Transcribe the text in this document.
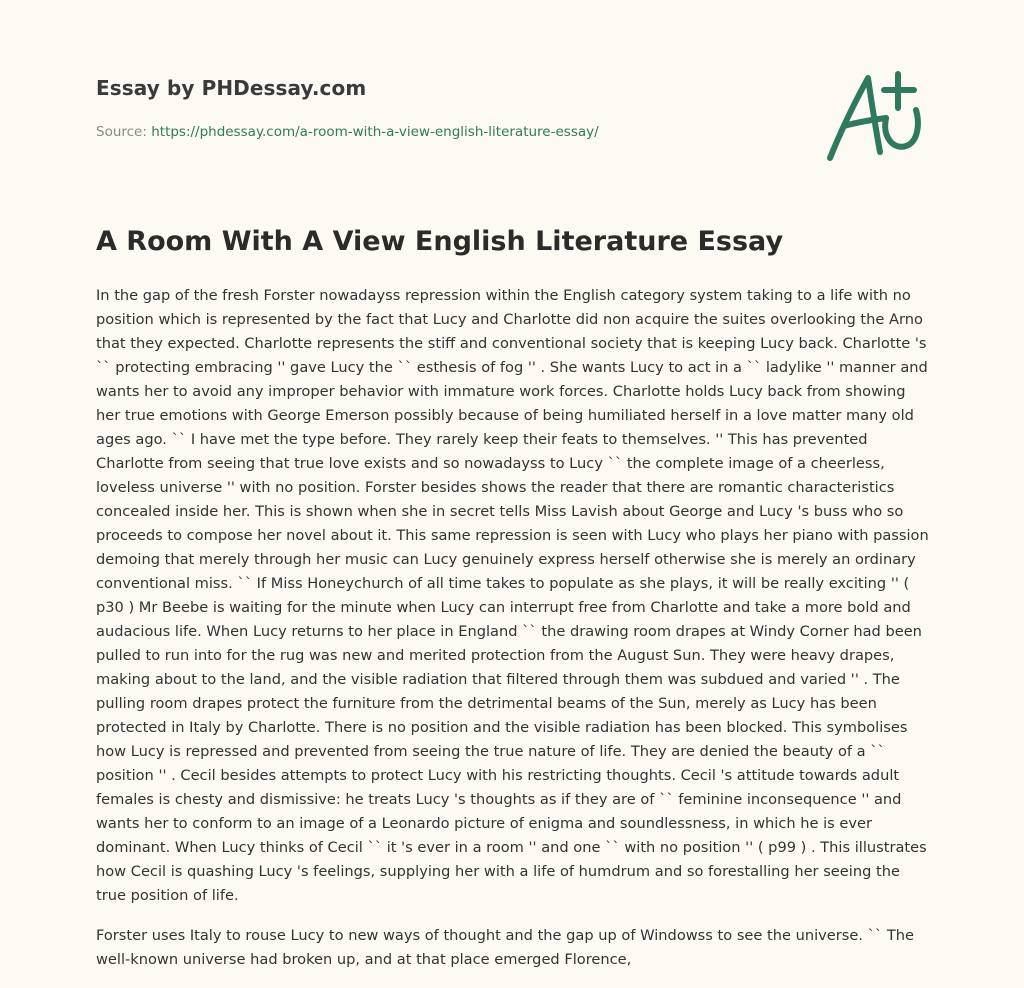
Essay by PHDessay.com
Source: https://phdessay.com/a-room-with-a-view-english-literature-essay/
A Room With A View English Literature Essay

In the gap of the fresh Forster nowadayss repression within the English category system taking to a life with no position which is represented by the fact that Lucy and Charlotte did non acquire the suites overlooking the Arno that they expected. Charlotte represents the stiff and conventional society that is keeping Lucy back. Charlotte 's `` protecting embracing '' gave Lucy the `` esthesis of fog '' . She wants Lucy to act in a `` ladylike '' manner and wants her to avoid any improper behavior with immature work forces. Charlotte holds Lucy back from showing her true emotions with George Emerson possibly because of being humiliated herself in a love matter many old ages ago. `` I have met the type before. They rarely keep their feats to themselves. '' This has prevented Charlotte from seeing that true love exists and so nowadayss to Lucy `` the complete image of a cheerless, loveless universe '' with no position. Forster besides shows the reader that there are romantic characteristics concealed inside her. This is shown when she in secret tells Miss Lavish about George and Lucy 's buss who so proceeds to compose her novel about it. This same repression is seen with Lucy who plays her piano with passion demoing that merely through her music can Lucy genuinely express herself otherwise she is merely an ordinary conventional miss. `` If Miss Honeychurch of all time takes to populate as she plays, it will be really exciting '' ( p30 ) Mr Beebe is waiting for the minute when Lucy can interrupt free from Charlotte and take a more bold and audacious life. When Lucy returns to her place in England `` the drawing room drapes at Windy Corner had been pulled to run into for the rug was new and merited protection from the August Sun. They were heavy drapes, making about to the land, and the visible radiation that filtered through them was subdued and varied '' . The pulling room drapes protect the furniture from the detrimental beams of the Sun, merely as Lucy has been protected in Italy by Charlotte. There is no position and the visible radiation has been blocked. This symbolises how Lucy is repressed and prevented from seeing the true nature of life. They are denied the beauty of a `` position '' . Cecil besides attempts to protect Lucy with his restricting thoughts. Cecil 's attitude towards adult females is chesty and dismissive: he treats Lucy 's thoughts as if they are of `` feminine inconsequence '' and wants her to conform to an image of a Leonardo picture of enigma and soundlessness, in which he is ever dominant. When Lucy thinks of Cecil `` it 's ever in a room '' and one `` with no position '' ( p99 ) . This illustrates how Cecil is quashing Lucy 's feelings, supplying her with a life of humdrum and so forestalling her seeing the true position of life.

Forster uses Italy to rouse Lucy to new ways of thought and the gap up of Windowss to see the universe. `` The well-known universe had broken up, and at that place emerged Florence,
